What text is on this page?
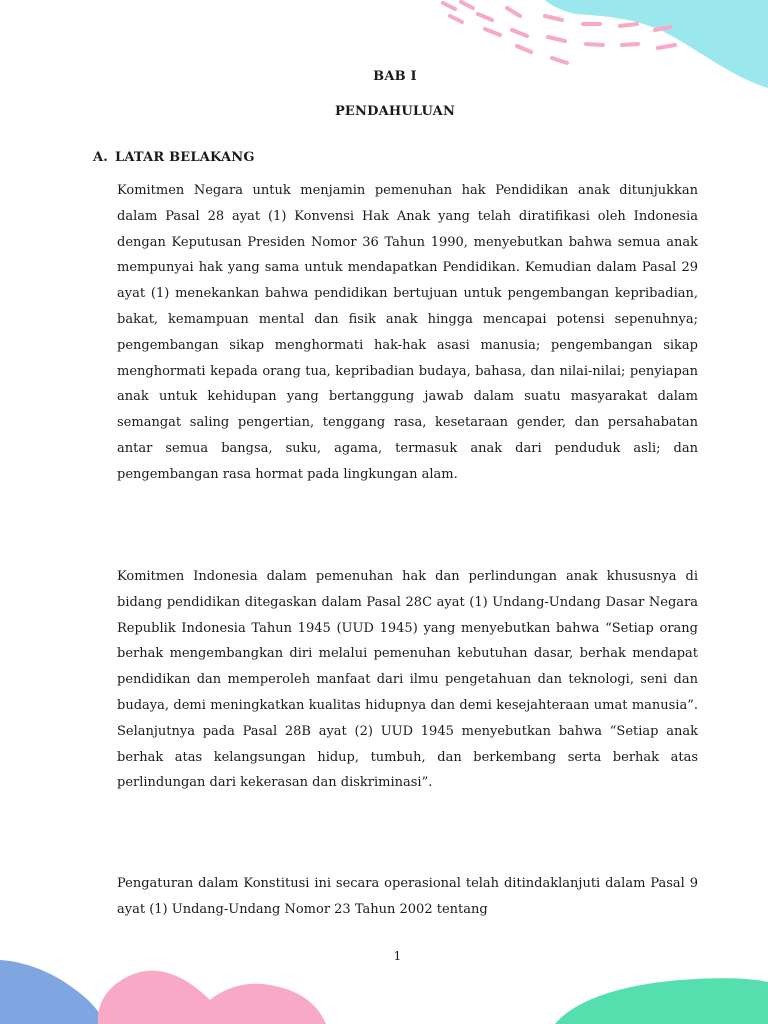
BAB I
PENDAHULUAN
A. LATAR BELAKANG

Komitmen Negara untuk menjamin pemenuhan hak Pendidikan anak ditunjukkan dalam Pasal 28 ayat (1) Konvensi Hak Anak yang telah diratifikasi oleh Indonesia dengan Keputusan Presiden Nomor 36 Tahun 1990, menyebutkan bahwa semua anak mempunyai hak yang sama untuk mendapatkan Pendidikan. Kemudian dalam Pasal 29 ayat (1) menekankan bahwa pendidikan bertujuan untuk pengembangan kepribadian, bakat, kemampuan mental dan fisik anak hingga mencapai potensi sepenuhnya; pengembangan sikap menghormati hak-hak asasi manusia; pengembangan sikap menghormati kepada orang tua, kepribadian budaya, bahasa, dan nilai-nilai; penyiapan anak untuk kehidupan yang bertanggung jawab dalam suatu masyarakat dalam semangat saling pengertian, tenggang rasa, kesetaraan gender, dan persahabatan antar semua bangsa, suku, agama, termasuk anak dari penduduk asli; dan pengembangan rasa hormat pada lingkungan alam.

Komitmen Indonesia dalam pemenuhan hak dan perlindungan anak khususnya di bidang pendidikan ditegaskan dalam Pasal 28C ayat (1) Undang-Undang Dasar Negara Republik Indonesia Tahun 1945 (UUD 1945) yang menyebutkan bahwa “Setiap orang berhak mengembangkan diri melalui pemenuhan kebutuhan dasar, berhak mendapat pendidikan dan memperoleh manfaat dari ilmu pengetahuan dan teknologi, seni dan budaya, demi meningkatkan kualitas hidupnya dan demi kesejahteraan umat manusia”. Selanjutnya pada Pasal 28B ayat (2) UUD 1945 menyebutkan bahwa “Setiap anak berhak atas kelangsungan hidup, tumbuh, dan berkembang serta berhak atas perlindungan dari kekerasan dan diskriminasi”.

Pengaturan dalam Konstitusi ini secara operasional telah ditindaklanjuti dalam Pasal 9 ayat (1) Undang-Undang Nomor 23 Tahun 2002 tentang

1
